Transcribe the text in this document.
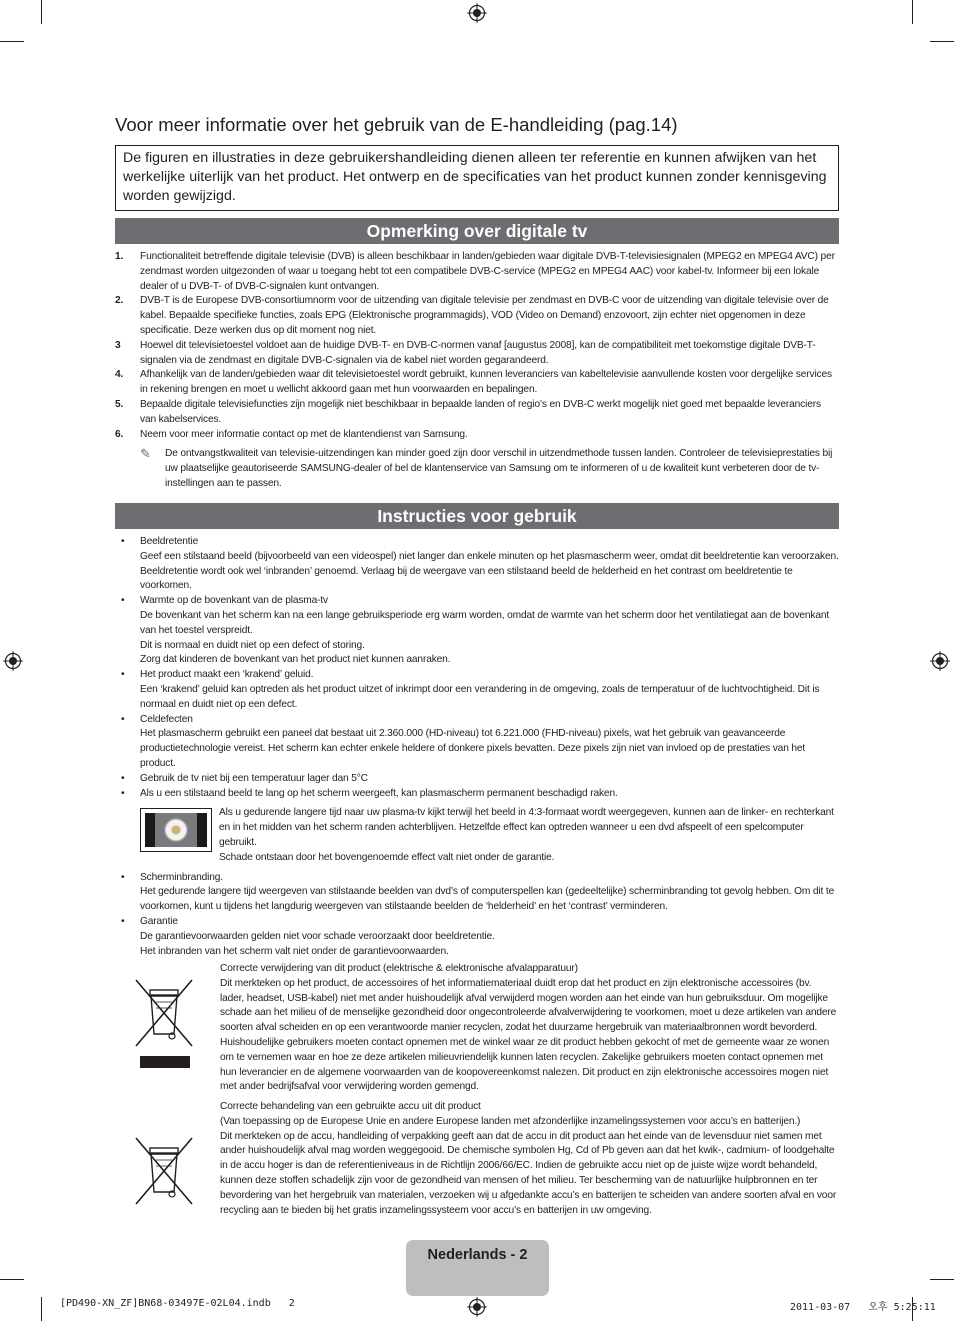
Voor meer informatie over het gebruik van de E-handleiding (pag.14)
De figuren en illustraties in deze gebruikershandleiding dienen alleen ter referentie en kunnen afwijken van het werkelijke uiterlijk van het product. Het ontwerp en de specificaties van het product kunnen zonder kennisgeving worden gewijzigd.
Opmerking over digitale tv
1. Functionaliteit betreffende digitale televisie (DVB) is alleen beschikbaar in landen/gebieden waar digitale DVB-T-televisiesignalen (MPEG2 en MPEG4 AVC) per zendmast worden uitgezonden of waar u toegang hebt tot een compatibele DVB-C-service (MPEG2 en MPEG4 AAC) voor kabel-tv. Informeer bij een lokale dealer of u DVB-T- of DVB-C-signalen kunt ontvangen.
2. DVB-T is de Europese DVB-consortiumnorm voor de uitzending van digitale televisie per zendmast en DVB-C voor de uitzending van digitale televisie over de kabel. Bepaalde specifieke functies, zoals EPG (Elektronische programmagids), VOD (Video on Demand) enzovoort, zijn echter niet opgenomen in deze specificatie. Deze werken dus op dit moment nog niet.
3 Hoewel dit televisietoestel voldoet aan de huidige DVB-T- en DVB-C-normen vanaf [augustus 2008], kan de compatibiliteit met toekomstige digitale DVB-T-signalen via de zendmast en digitale DVB-C-signalen via de kabel niet worden gegarandeerd.
4. Afhankelijk van de landen/gebieden waar dit televisietoestel wordt gebruikt, kunnen leveranciers van kabeltelevisie aanvullende kosten voor dergelijke services in rekening brengen en moet u wellicht akkoord gaan met hun voorwaarden en bepalingen.
5. Bepaalde digitale televisiefuncties zijn mogelijk niet beschikbaar in bepaalde landen of regio’s en DVB-C werkt mogelijk niet goed met bepaalde leveranciers van kabelservices.
6. Neem voor meer informatie contact op met de klantendienst van Samsung.
✎ De ontvangstkwaliteit van televisie-uitzendingen kan minder goed zijn door verschil in uitzendmethode tussen landen. Controleer de televisieprestaties bij uw plaatselijke geautoriseerde SAMSUNG-dealer of bel de klantenservice van Samsung om te informeren of u de kwaliteit kunt verbeteren door de tv-instellingen aan te passen.
Instructies voor gebruik
• Beeldretentie

Geef een stilstaand beeld (bijvoorbeeld van een videospel) niet langer dan enkele minuten op het plasmascherm weer, omdat dit beeldretentie kan veroorzaken. Beeldretentie wordt ook wel ‘inbranden’ genoemd. Verlaag bij de weergave van een stilstaand beeld de helderheid en het contrast om beeldretentie te voorkomen.

• Warmte op de bovenkant van de plasma-tv

De bovenkant van het scherm kan na een lange gebruiksperiode erg warm worden, omdat de warmte van het scherm door het ventilatiegat aan de bovenkant van het toestel verspreidt.

Dit is normaal en duidt niet op een defect of storing.

Zorg dat kinderen de bovenkant van het product niet kunnen aanraken.

• Het product maakt een ‘krakend’ geluid.

Een ‘krakend’ geluid kan optreden als het product uitzet of inkrimpt door een verandering in de omgeving, zoals de temperatuur of de luchtvochtigheid. Dit is normaal en duidt niet op een defect.

• Celdefecten

Het plasmascherm gebruikt een paneel dat bestaat uit 2.360.000 (HD-niveau) tot 6.221.000 (FHD-niveau) pixels, wat het gebruik van geavanceerde productietechnologie vereist. Het scherm kan echter enkele heldere of donkere pixels bevatten. Deze pixels zijn niet van invloed op de prestaties van het product.

• Gebruik de tv niet bij een temperatuur lager dan 5°C

• Als u een stilstaand beeld te lang op het scherm weergeeft, kan plasmascherm permanent beschadigd raken.

Als u gedurende langere tijd naar uw plasma-tv kijkt terwijl het beeld in 4:3-formaat wordt weergegeven, kunnen aan de linker- en rechterkant en in het midden van het scherm randen achterblijven. Hetzelfde effect kan optreden wanneer u een dvd afspeelt of een spelcomputer gebruikt.

Schade ontstaan door het bovengenoemde effect valt niet onder de garantie.

• Scherminbranding.

Het gedurende langere tijd weergeven van stilstaande beelden van dvd’s of computerspellen kan (gedeeltelijke) scherminbranding tot gevolg hebben. Om dit te voorkomen, kunt u tijdens het langdurig weergeven van stilstaande beelden de ‘helderheid’ en het ‘contrast’ verminderen.

• Garantie

De garantievoorwaarden gelden niet voor schade veroorzaakt door beeldretentie.

Het inbranden van het scherm valt niet onder de garantievoorwaarden.

Correcte verwijdering van dit product (elektrische & elektronische afvalapparatuur)

Dit merkteken op het product, de accessoires of het informatiemateriaal duidt erop dat het product en zijn elektronische accessoires (bv. lader, headset, USB-kabel) niet met ander huishoudelijk afval verwijderd mogen worden aan het einde van hun gebruiksduur. Om mogelijke schade aan het milieu of de menselijke gezondheid door ongecontroleerde afvalverwijdering te voorkomen, moet u deze artikelen van andere soorten afval scheiden en op een verantwoorde manier recyclen, zodat het duurzame hergebruik van materiaalbronnen wordt bevorderd. Huishoudelijke gebruikers moeten contact opnemen met de winkel waar ze dit product hebben gekocht of met de gemeente waar ze wonen om te vernemen waar en hoe ze deze artikelen milieuvriendelijk kunnen laten recyclen. Zakelijke gebruikers moeten contact opnemen met hun leverancier en de algemene voorwaarden van de koopovereenkomst nalezen. Dit product en zijn elektronische accessoires mogen niet met ander bedrijfsafval voor verwijdering worden gemengd.

Correcte behandeling van een gebruikte accu uit dit product

(Van toepassing op de Europese Unie en andere Europese landen met afzonderlijke inzamelingssystemen voor accu’s en batterijen.)

Dit merkteken op de accu, handleiding of verpakking geeft aan dat de accu in dit product aan het einde van de levensduur niet samen met ander huishoudelijk afval mag worden weggegooid. De chemische symbolen Hg, Cd of Pb geven aan dat het kwik-, cadmium- of loodgehalte in de accu hoger is dan de referentieniveaus in de Richtlijn 2006/66/EC. Indien de gebruikte accu niet op de juiste wijze wordt behandeld, kunnen deze stoffen schadelijk zijn voor de gezondheid van mensen of het milieu. Ter bescherming van de natuurlijke hulpbronnen en ter bevordering van het hergebruik van materialen, verzoeken wij u afgedankte accu’s en batterijen te scheiden van andere soorten afval en voor recycling aan te bieden bij het gratis inzamelingssysteem voor accu’s en batterijen in uw omgeving.

Nederlands - 2
[PD490-XN_ZF]BN68-03497E-02L04.indb   2	2011-03-07   오후 5:25:11
